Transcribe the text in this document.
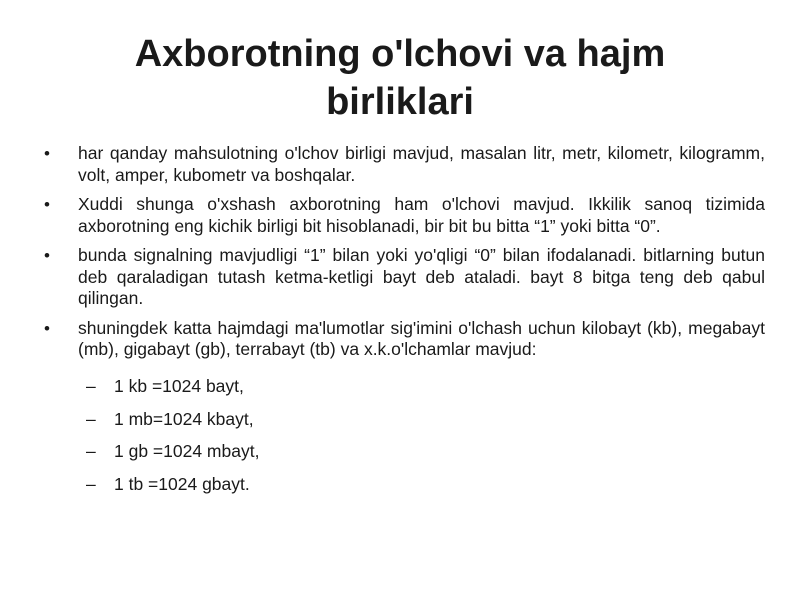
Axborotning o'lchovi va hajm birliklari
•	har qanday mahsulotning o'lchov birligi mavjud, masalan litr, metr, kilometr, kilogramm, volt, amper, kubometr va boshqalar.
•	Xuddi shunga o'xshash axborotning ham o'lchovi mavjud. Ikkilik sanoq tizimida axborotning eng kichik birligi bit hisoblanadi, bir bit bu bitta “1” yoki bitta “0”.
•	bunda signalning mavjudligi “1” bilan yoki yo'qligi “0” bilan ifodalanadi. bitlarning butun deb qaraladigan tutash ketma-ketligi bayt deb ataladi. bayt 8 bitga teng deb qabul qilingan.
•	shuningdek katta hajmdagi ma'lumotlar sig'imini o'lchash uchun kilobayt (kb), megabayt (mb), gigabayt (gb), terrabayt (tb) va x.k.o'lchamlar mavjud:
– 1 kb =1024 bayt,
– 1 mb=1024 kbayt,
– 1 gb =1024 mbayt,
– 1 tb =1024 gbayt.
